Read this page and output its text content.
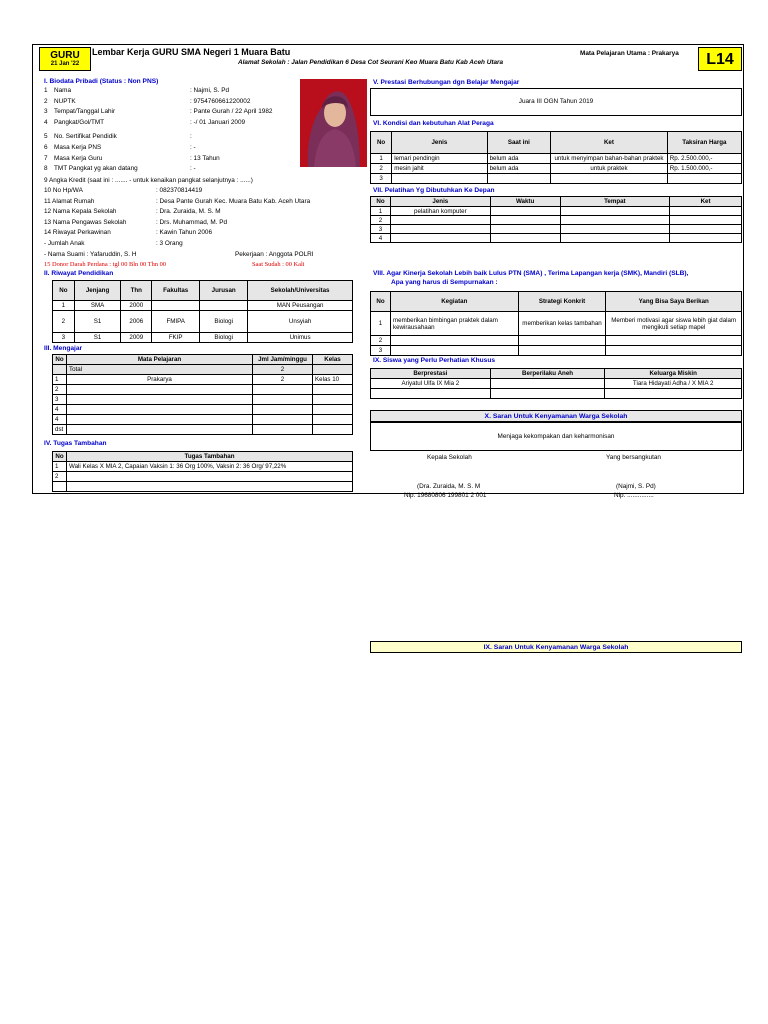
GURU
21 Jan '22
Lembar Kerja GURU SMA Negeri 1 Muara Batu
Alamat Sekolah : Jalan Pendidikan 6 Desa Cot Seurani Keo Muara Batu Kab Aceh Utara
Mata Pelajaran Utama : Prakarya	L14
I. Biodata Pribadi (Status : Non PNS)
1 Nama	: Najmi, S. Pd
2 NUPTK	: 9754760661220002
3 Tempat/Tanggal Lahir	: Pante Gurah / 22 April 1982
4 Pangkat/Gol/TMT	: -/ 01 Januari 2009
5 No. Sertifikat Pendidik	:
6 Masa Kerja PNS	: -
7 Masa Kerja Guru	: 13 Tahun
8 TMT Pangkat yg akan datang	: -
9 Angka Kredit (saat ini : ....... - untuk kenaikan pangkat selanjutnya : ......)
10 No Hp/WA	: 082370814419
11 Alamat Rumah	: Desa Pante Gurah Kec. Muara Batu Kab. Aceh Utara
12 Nama Kepala Sekolah	: Dra. Zuraida, M. S. M
13 Nama Pengawas Sekolah	: Drs. Muhammad, M. Pd
14 Riwayat Perkawinan	: Kawin Tahun 2006
- Jumlah Anak	: 3 Orang
- Nama Suami : Yafaruddin, S. H	Pekerjaan : Anggota POLRI
15 Donor Darah Perdana : tgl 00 Bln 00 Thn 00	Saat Sudah : 00 Kali
II. Riwayat Pendidikan
No	Jenjang	Thn	Fakultas	Jurusan	Sekolah/Universitas
1	SMA	2000			MAN Peusangan
2	S1	2006	FMIPA	Biologi	Unsyiah
3	S1	2009	FKIP	Biologi	Unimus
III. Mengajar
No	Mata Pelajaran	Jml Jam/minggu	Kelas
	Total	2	
1	Prakarya	2	Kelas 10
2			
3			
4			
4			
dst			
IV. Tugas Tambahan
No	Tugas Tambahan
1	Wali Kelas X MIA 2, Capaian Vaksin 1: 36 Org 100%, Vaksin 2: 36 Org/ 97,22%
2	

V. Prestasi Berhubungan dgn Belajar Mengajar
Juara III OGN Tahun 2019
VI. Kondisi dan kebutuhan Alat Peraga
No	Jenis	Saat ini	Ket	Taksiran Harga
1	lemari pendingin	belum ada	untuk menyimpan bahan-bahan praktek	Rp. 2.500.000,-
2	mesin jahit	belum ada	untuk praktek	Rp. 1.500.000,-
3				
VII. Pelatihan Yg Dibutuhkan Ke Depan
No	Jenis	Waktu	Tempat	Ket
1	pelatihan komputer			
2				
3				
4				
VIII. Agar Kinerja Sekolah Lebih baik Lulus PTN (SMA) , Terima Lapangan kerja (SMK), Mandiri (SLB),
Apa yang harus di Sempurnakan :
No	Kegiatan	Strategi Konkrit	Yang Bisa Saya Berikan
1	memberikan bimbingan praktek dalam kewirausahaan	memberikan kelas tambahan	Memberi motivasi agar siswa lebih giat dalam mengikuti setiap mapel
2			
3			
IX. Siswa yang Perlu Perhatian Khusus
Berprestasi	Berperilaku Aneh	Keluarga Miskin
Ariyatul Ulfa IX Mia 2		Tiara Hidayati Adha / X MIA 2

X. Saran Untuk Kenyamanan Warga Sekolah
Menjaga kekompakan dan keharmonisan
Kepala Sekolah	Yang bersangkutan
(Dra. Zuraida, M. S. M	(Najmi, S. Pd)
Nip. 19680806 199801 2 001	Nip. ...............
IX. Saran Untuk Kenyamanan Warga Sekolah
